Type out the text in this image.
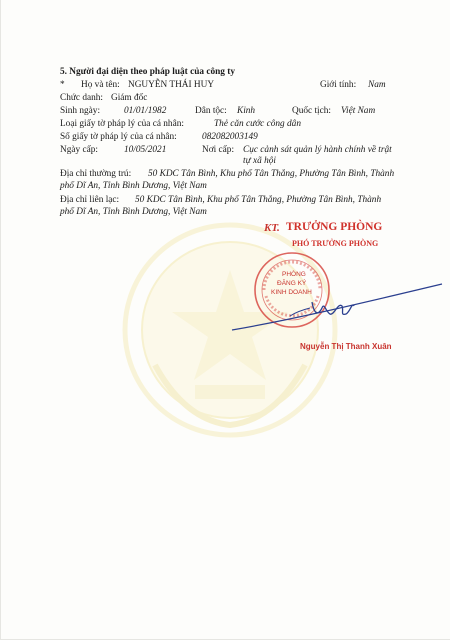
5. Người đại diện theo pháp luật của công ty
* Họ và tên: NGUYỄN THÁI HUY	Giới tính: Nam
Chức danh: Giám đốc
Sinh ngày:	01/01/1982	Dân tộc: Kinh	Quốc tịch: Việt Nam
Loại giấy tờ pháp lý của cá nhân:	Thẻ căn cước công dân
Số giấy tờ pháp lý của cá nhân:	082082003149
Ngày cấp:	10/05/2021	Nơi cấp: Cục cảnh sát quản lý hành chính về trật
tự xã hội
Địa chỉ thường trú: 50 KDC Tân Bình, Khu phố Tân Thắng, Phường Tân Bình, Thành
phố Dĩ An, Tỉnh Bình Dương, Việt Nam
Địa chỉ liên lạc: 50 KDC Tân Bình, Khu phố Tân Thắng, Phường Tân Bình, Thành
phố Dĩ An, Tỉnh Bình Dương, Việt Nam
KT. TRƯỞNG PHÒNG
PHÓ TRƯỞNG PHÒNG
PHÒNG
ĐĂNG KÝ
KINH DOANH
Nguyễn Thị Thanh Xuân
